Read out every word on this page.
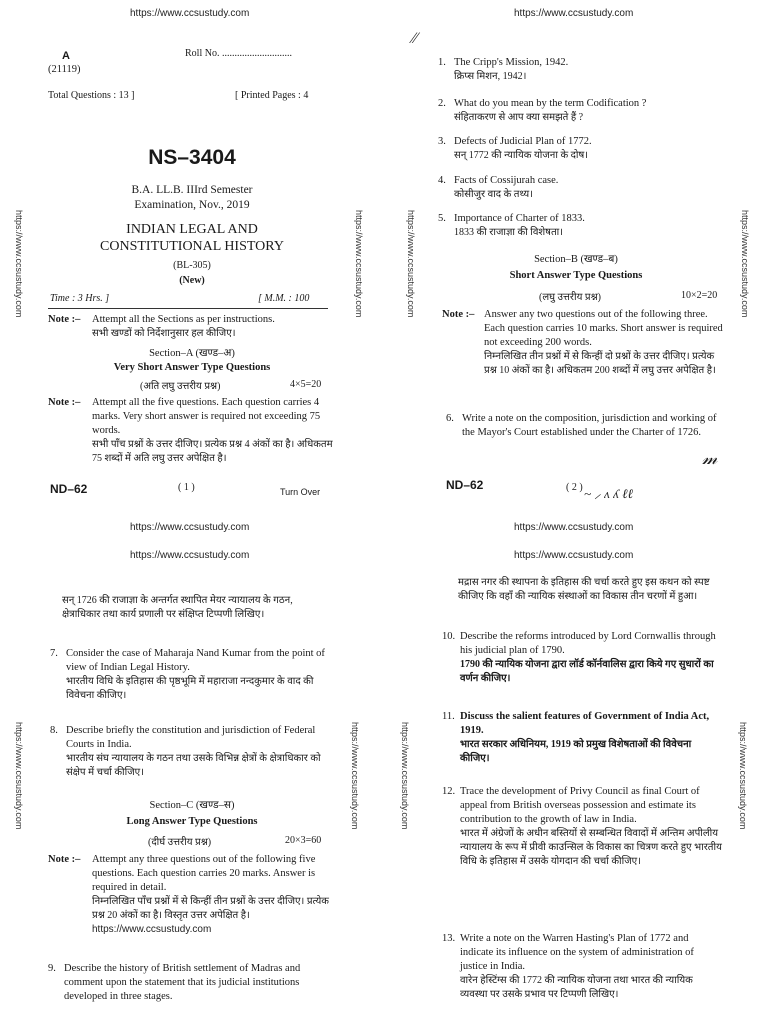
https://www.ccsustudy.com
https://www.ccsustudy.com	https://www.ccsustudy.com
A
(21119)
Roll No. ............................
Total Questions : 13 ]	[ Printed Pages : 4
NS–3404
B.A. LL.B. IIIrd Semester
Examination, Nov., 2019
INDIAN LEGAL AND
CONSTITUTIONAL HISTORY
(BL-305)
(New)
Time : 3 Hrs. ]	[ M.M. : 100
Note :– Attempt all the Sections as per instructions.
सभी खण्डों को निर्देशानुसार हल कीजिए।
Section–A (खण्ड–अ)
Very Short Answer Type Questions
(अति लघु उत्तरीय प्रश्न)	4×5=20
Note :– Attempt all the five questions. Each question carries 4 marks. Very short answer is required not exceeding 75 words.
सभी पाँच प्रश्नों के उत्तर दीजिए। प्रत्येक प्रश्न 4 अंकों का है। अधिकतम 75 शब्दों में अति लघु उत्तर अपेक्षित है।
ND–62	( 1 )	Turn Over
https://www.ccsustudy.com
https://www.ccsustudy.com	https://www.ccsustudy.com
⁄⁄
1. The Cripp's Mission, 1942.
क्रिप्स मिशन, 1942।
2. What do you mean by the term Codification ?
संहिताकरण से आप क्या समझते हैं ?
3. Defects of Judicial Plan of 1772.
सन् 1772 की न्यायिक योजना के दोष।
4. Facts of Cossijurah case.
कोसीजुर वाद के तथ्य।
5. Importance of Charter of 1833.
1833 की राजाज्ञा की विशेषता।
Section–B (खण्ड–ब)
Short Answer Type Questions
(लघु उत्तरीय प्रश्न)	10×2=20
Note :– Answer any two questions out of the following three. Each question carries 10 marks. Short answer is required not exceeding 200 words.
निम्नलिखित तीन प्रश्नों में से किन्हीं दो प्रश्नों के उत्तर दीजिए। प्रत्येक प्रश्न 10 अंकों का है। अधिकतम 200 शब्दों में लघु उत्तर अपेक्षित है।
6. Write a note on the composition, jurisdiction and working of the Mayor's Court established under the Charter of 1726.
𝓂
ND–62	( 2 ) ~ ⸝ ʌ ʎ ℓℓ
https://www.ccsustudy.com
https://www.ccsustudy.com
https://www.ccsustudy.com	https://www.ccsustudy.com
सन् 1726 की राजाज्ञा के अन्तर्गत स्थापित मेयर न्यायालय के गठन, क्षेत्राधिकार तथा कार्य प्रणाली पर संक्षिप्त टिप्पणी लिखिए।
7. Consider the case of Maharaja Nand Kumar from the point of view of Indian Legal History.
भारतीय विधि के इतिहास की पृष्ठभूमि में महाराजा नन्दकुमार के वाद की विवेचना कीजिए।
8. Describe briefly the constitution and jurisdiction of Federal Courts in India.
भारतीय संघ न्यायालय के गठन तथा उसके विभिन्न क्षेत्रों के क्षेत्राधिकार को संक्षेप में चर्चा कीजिए।
Section–C (खण्ड–स)
Long Answer Type Questions
(दीर्घ उत्तरीय प्रश्न)	20×3=60
Note :– Attempt any three questions out of the following five questions. Each question carries 20 marks. Answer is required in detail.
निम्नलिखित पाँच प्रश्नों में से किन्हीं तीन प्रश्नों के उत्तर दीजिए। प्रत्येक प्रश्न 20 अंकों का है। विस्तृत उत्तर अपेक्षित है।
https://www.ccsustudy.com
9. Describe the history of British settlement of Madras and comment upon the statement that its judicial institutions developed in three stages.
https://www.ccsustudy.com
https://www.ccsustudy.com
https://www.ccsustudy.com	https://www.ccsustudy.com
मद्रास नगर की स्थापना के इतिहास की चर्चा करते हुए इस कथन को स्पष्ट कीजिए कि वहाँ की न्यायिक संस्थाओं का विकास तीन चरणों में हुआ।
10. Describe the reforms introduced by Lord Cornwallis through his judicial plan of 1790.
1790 की न्यायिक योजना द्वारा लॉर्ड कॉर्नवालिस द्वारा किये गए सुधारों का वर्णन कीजिए।
11. Discuss the salient features of Government of India Act, 1919.
भारत सरकार अधिनियम, 1919 को प्रमुख विशेषताओं की विवेचना कीजिए।
12. Trace the development of Privy Council as final Court of appeal from British overseas possession and estimate its contribution to the growth of law in India.
भारत में अंग्रेजों के अधीन बस्तियों से सम्बन्धित विवादों में अन्तिम अपीलीय न्यायालय के रूप में प्रीवी काउन्सिल के विकास का चित्रण करते हुए भारतीय विधि के इतिहास में उसके योगदान की चर्चा कीजिए।
13. Write a note on the Warren Hasting's Plan of 1772 and indicate its influence on the system of administration of justice in India.
वारेन हेस्टिंग्स की 1772 की न्यायिक योजना तथा भारत की न्यायिक व्यवस्था पर उसके प्रभाव पर टिप्पणी लिखिए।
